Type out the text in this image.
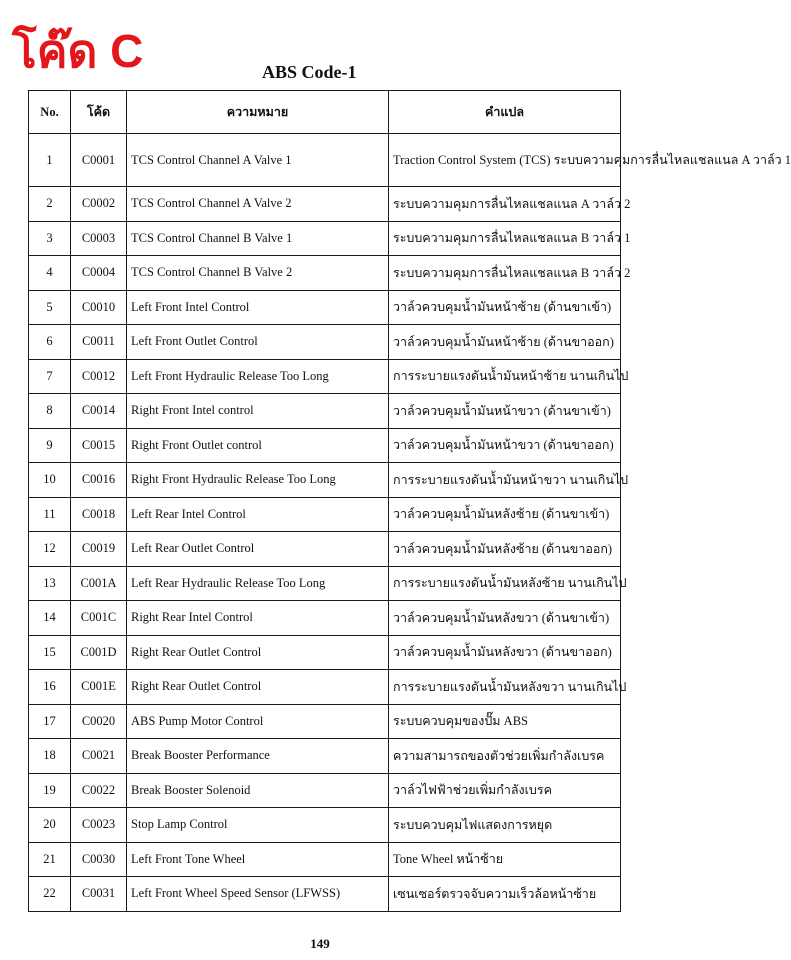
โค๊ด C	ABS Code-1
No.	โค้ด	ความหมาย	คำแปล
1	C0001	TCS Control Channel A Valve 1	Traction Control System (TCS) ระบบความคุมการลื่นไหลแชลแนล A วาล์ว 1
2	C0002	TCS Control Channel A Valve 2	ระบบความคุมการลื่นไหลแชลแนล A วาล์ว 2
3	C0003	TCS Control Channel B Valve 1	ระบบความคุมการลื่นไหลแชลแนล B วาล์ว 1
4	C0004	TCS Control Channel B Valve 2	ระบบความคุมการลื่นไหลแชลแนล B วาล์ว 2
5	C0010	Left Front Intel Control	วาล์วควบคุมน้ำมันหน้าซ้าย (ด้านขาเข้า)
6	C0011	Left Front Outlet Control	วาล์วควบคุมน้ำมันหน้าซ้าย (ด้านขาออก)
7	C0012	Left Front Hydraulic Release Too Long	การระบายแรงดันน้ำมันหน้าซ้าย นานเกินไป
8	C0014	Right Front Intel control	วาล์วควบคุมน้ำมันหน้าขวา (ด้านขาเข้า)
9	C0015	Right Front Outlet control	วาล์วควบคุมน้ำมันหน้าขวา (ด้านขาออก)
10	C0016	Right Front Hydraulic Release Too Long	การระบายแรงดันน้ำมันหน้าขวา นานเกินไป
11	C0018	Left Rear Intel Control	วาล์วควบคุมน้ำมันหลังซ้าย (ด้านขาเข้า)
12	C0019	Left Rear Outlet Control	วาล์วควบคุมน้ำมันหลังซ้าย (ด้านขาออก)
13	C001A	Left Rear Hydraulic Release Too Long	การระบายแรงดันน้ำมันหลังซ้าย นานเกินไป
14	C001C	Right Rear Intel Control	วาล์วควบคุมน้ำมันหลังขวา (ด้านขาเข้า)
15	C001D	Right Rear Outlet Control	วาล์วควบคุมน้ำมันหลังขวา (ด้านขาออก)
16	C001E	Right Rear Outlet Control	การระบายแรงดันน้ำมันหลังขวา นานเกินไป
17	C0020	ABS Pump Motor Control	ระบบควบคุมของปั๊ม ABS
18	C0021	Break Booster Performance	ความสามารถของตัวช่วยเพิ่มกำลังเบรค
19	C0022	Break Booster Solenoid	วาล์วไฟฟ้าช่วยเพิ่มกำลังเบรค
20	C0023	Stop Lamp Control	ระบบควบคุมไฟแสดงการหยุด
21	C0030	Left Front Tone Wheel	Tone Wheel หน้าซ้าย
22	C0031	Left Front Wheel Speed Sensor (LFWSS)	เซนเซอร์ตรวจจับความเร็วล้อหน้าซ้าย
149
